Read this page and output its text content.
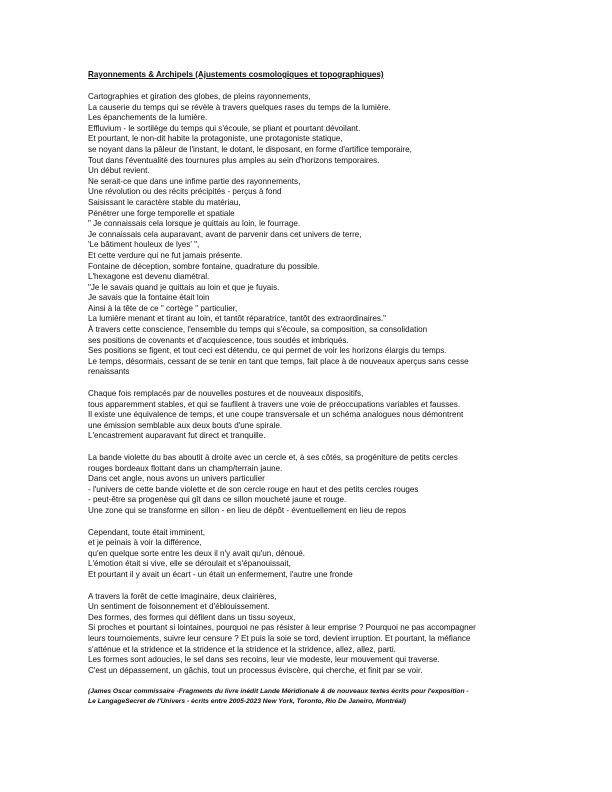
Rayonnements & Archipels (Ajustements cosmologiques et topographiques)
Cartographies et giration des globes, de pleins rayonnements,
La causerie du temps qui se révèle à travers quelques rases du temps de la lumière.
Les épanchements de la lumière.
Effluvium - le sortilège du temps qui s'écoule, se pliant et pourtant dévoilant.
Et pourtant, le non-dit habite la protagoniste, une protagoniste statique,
se noyant dans la pâleur de l'instant, le dotant, le disposant, en forme d'artifice temporaire,
Tout dans l'éventualité des tournures plus amples au sein d'horizons temporaires.
Un début revient.
Ne serait-ce que dans une infime partie des rayonnements,
Une révolution ou des récits précipités - perçus à fond
Saisissant le caractère stable du matériau,
Pénétrer une forge temporelle et spatiale
" Je connaissais cela lorsque je quittais au loin, le fourrage.
Je connaissais cela auparavant, avant de parvenir dans cet univers de terre,
'Le bâtiment houleux de lyes' ",
Et cette verdure qui ne fut jamais présente.
Fontaine de déception, sombre fontaine, quadrature du possible.
L'hexagone est devenu diamétral.
"Je le savais quand je quittais au loin et que je fuyais.
Je savais que la fontaine était loin
Ainsi à la tête de ce " cortège " particulier,
La lumière menant et tirant au loin, et tantôt réparatrice, tantôt des extraordinaires."
À travers cette conscience, l'ensemble du temps qui s'écoule, sa composition, sa consolidation
ses positions de covenants et d'acquiescence, tous soudés et imbriqués.
Ses positions se figent, et tout ceci est détendu, ce qui permet de voir les horizons élargis du temps.
Le temps, désormais, cessant de se tenir en tant que temps, fait place à de nouveaux aperçus sans cesse
renaissants
Chaque fois remplacés par de nouvelles postures et de nouveaux dispositifs,
tous apparemment stables, et qui se faufilent à travers une voie de préoccupations variables et fausses.
Il existe une équivalence de temps, et une coupe transversale et un schéma analogues nous démontrent
une émission semblable aux deux bouts d'une spirale.
L'encastrement auparavant fut direct et tranquille.
La bande violette du bas aboutit à droite avec un cercle et, à ses côtés, sa progéniture de petits cercles
rouges bordeaux flottant dans un champ/terrain jaune.
Dans cet angle, nous avons un univers particulier
- l'univers de cette bande violette et de son cercle rouge en haut et des petits cercles rouges
- peut-être sa progenèse qui gît dans ce sillon moucheté jaune et rouge.
Une zone qui se transforme en sillon - en lieu de dépôt - éventuellement en lieu de repos
Cependant, toute était imminent,
et je peinais à voir la différence,
qu'en quelque sorte entre les deux il n'y avait qu'un, dénoué.
L'émotion était si vive, elle se déroulait et s'épanouissait,
Et pourtant il y avait un écart - un était un enfermement, l'autre une fronde
A travers la forêt de cette imaginaire, deux clairières,
Un sentiment de foisonnement et d'éblouissement.
Des formes, des formes qui défilent dans un tissu soyeux,
Si proches et pourtant si lointaines, pourquoi ne pas résister à leur emprise ? Pourquoi ne pas accompagner
leurs tournoiements, suivre leur censure ? Et puis la soie se tord, devient irruption. Et pourtant, la méfiance
s'atténue et la stridence et la stridence et la stridence et la stridence, allez, allez, parti.
Les formes sont adoucies, le sel dans ses recoins, leur vie modeste, leur mouvement qui traverse.
C'est un dépassement, un gâchis, tout un processus éviscère, qui cherche, et finit par se voir.
(James Oscar commissaire -Fragments du livre inédit Lande Méridionale & de nouveaux textes écrits pour l'exposition -
Le LangageSecret de l'Univers - écrits entre 2005-2023 New York, Toronto, Rio De Janeiro, Montréal)
